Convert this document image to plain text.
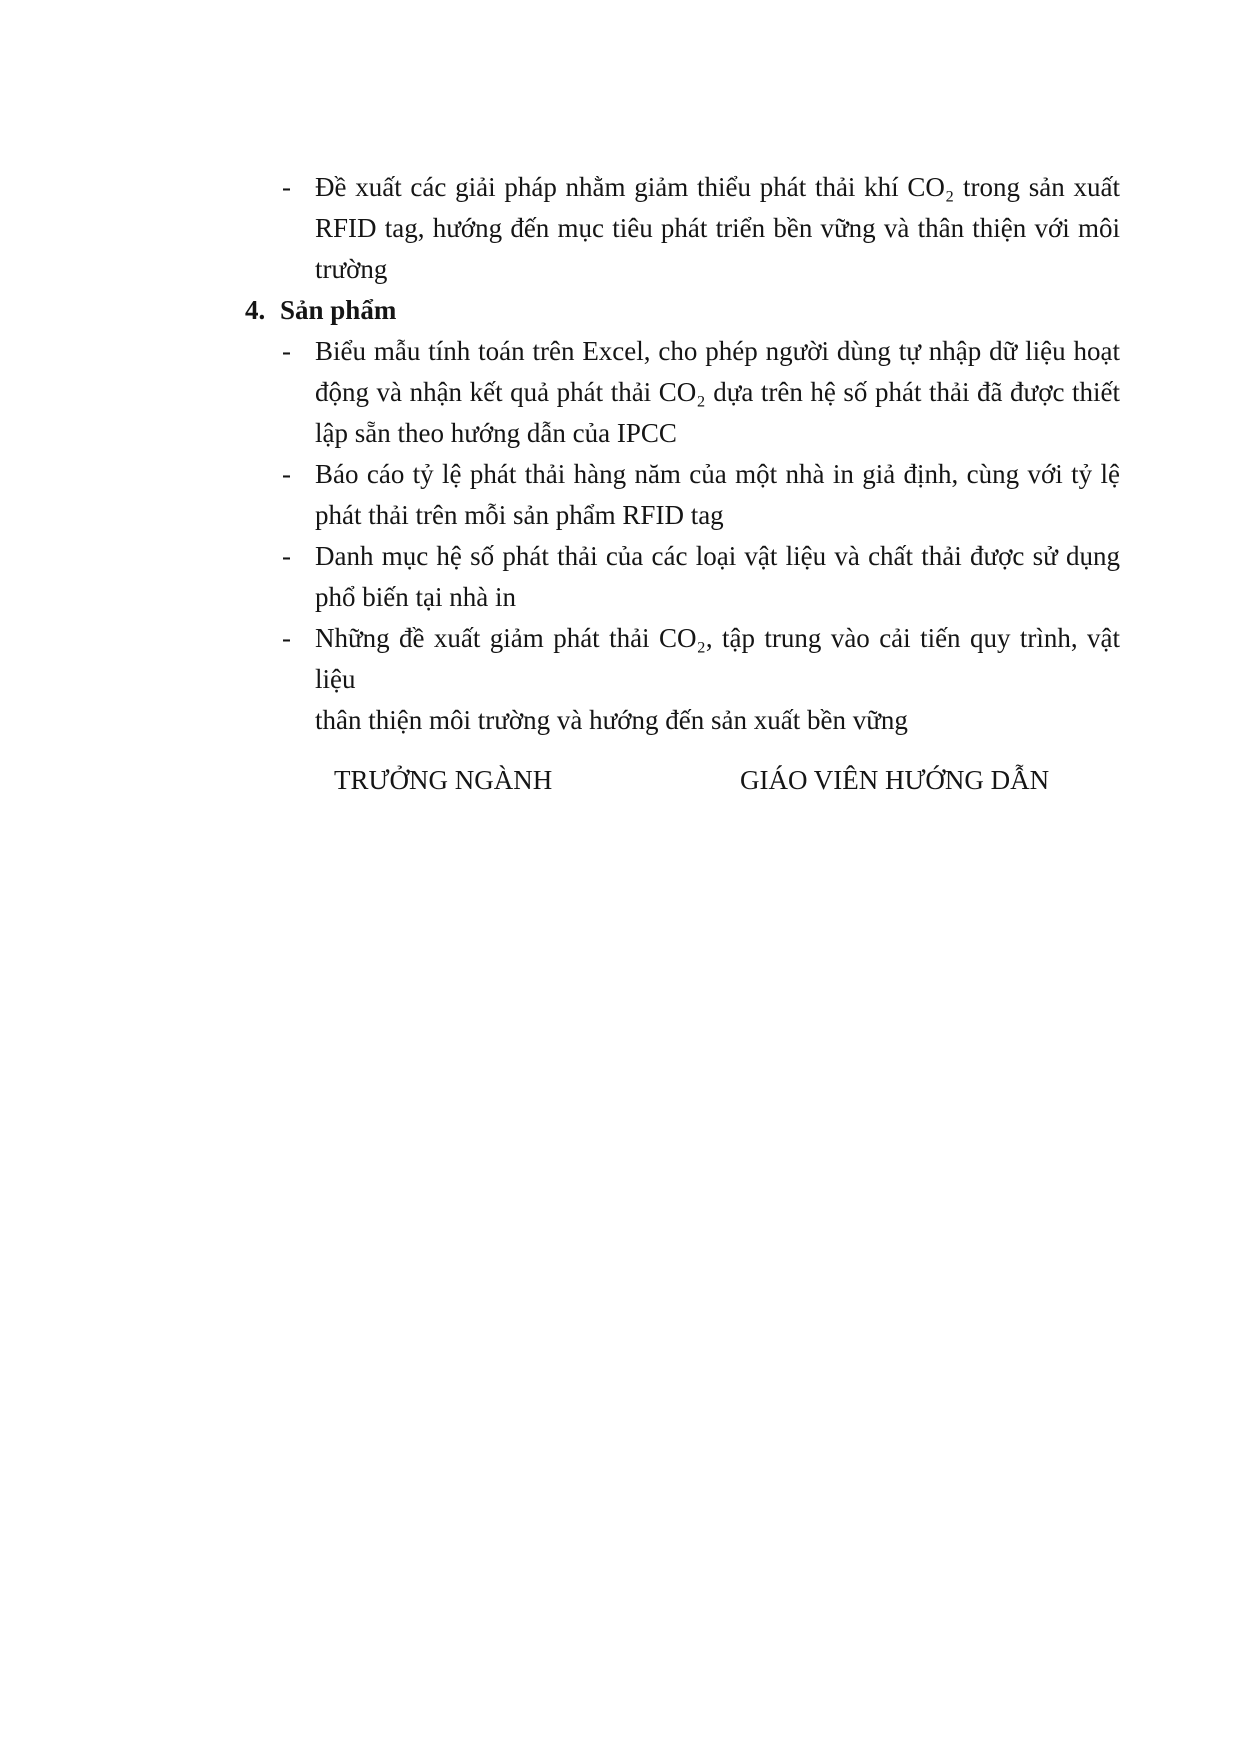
- Đề xuất các giải pháp nhằm giảm thiểu phát thải khí CO₂ trong sản xuất
RFID tag, hướng đến mục tiêu phát triển bền vững và thân thiện với môi
trường
4. Sản phẩm
- Biểu mẫu tính toán trên Excel, cho phép người dùng tự nhập dữ liệu hoạt
động và nhận kết quả phát thải CO₂ dựa trên hệ số phát thải đã được thiết
lập sẵn theo hướng dẫn của IPCC
- Báo cáo tỷ lệ phát thải hàng năm của một nhà in giả định, cùng với tỷ lệ
phát thải trên mỗi sản phẩm RFID tag
- Danh mục hệ số phát thải của các loại vật liệu và chất thải được sử dụng
phổ biến tại nhà in
- Những đề xuất giảm phát thải CO₂, tập trung vào cải tiến quy trình, vật liệu
thân thiện môi trường và hướng đến sản xuất bền vững
TRƯỞNG NGÀNH	GIÁO VIÊN HƯỚNG DẪN
